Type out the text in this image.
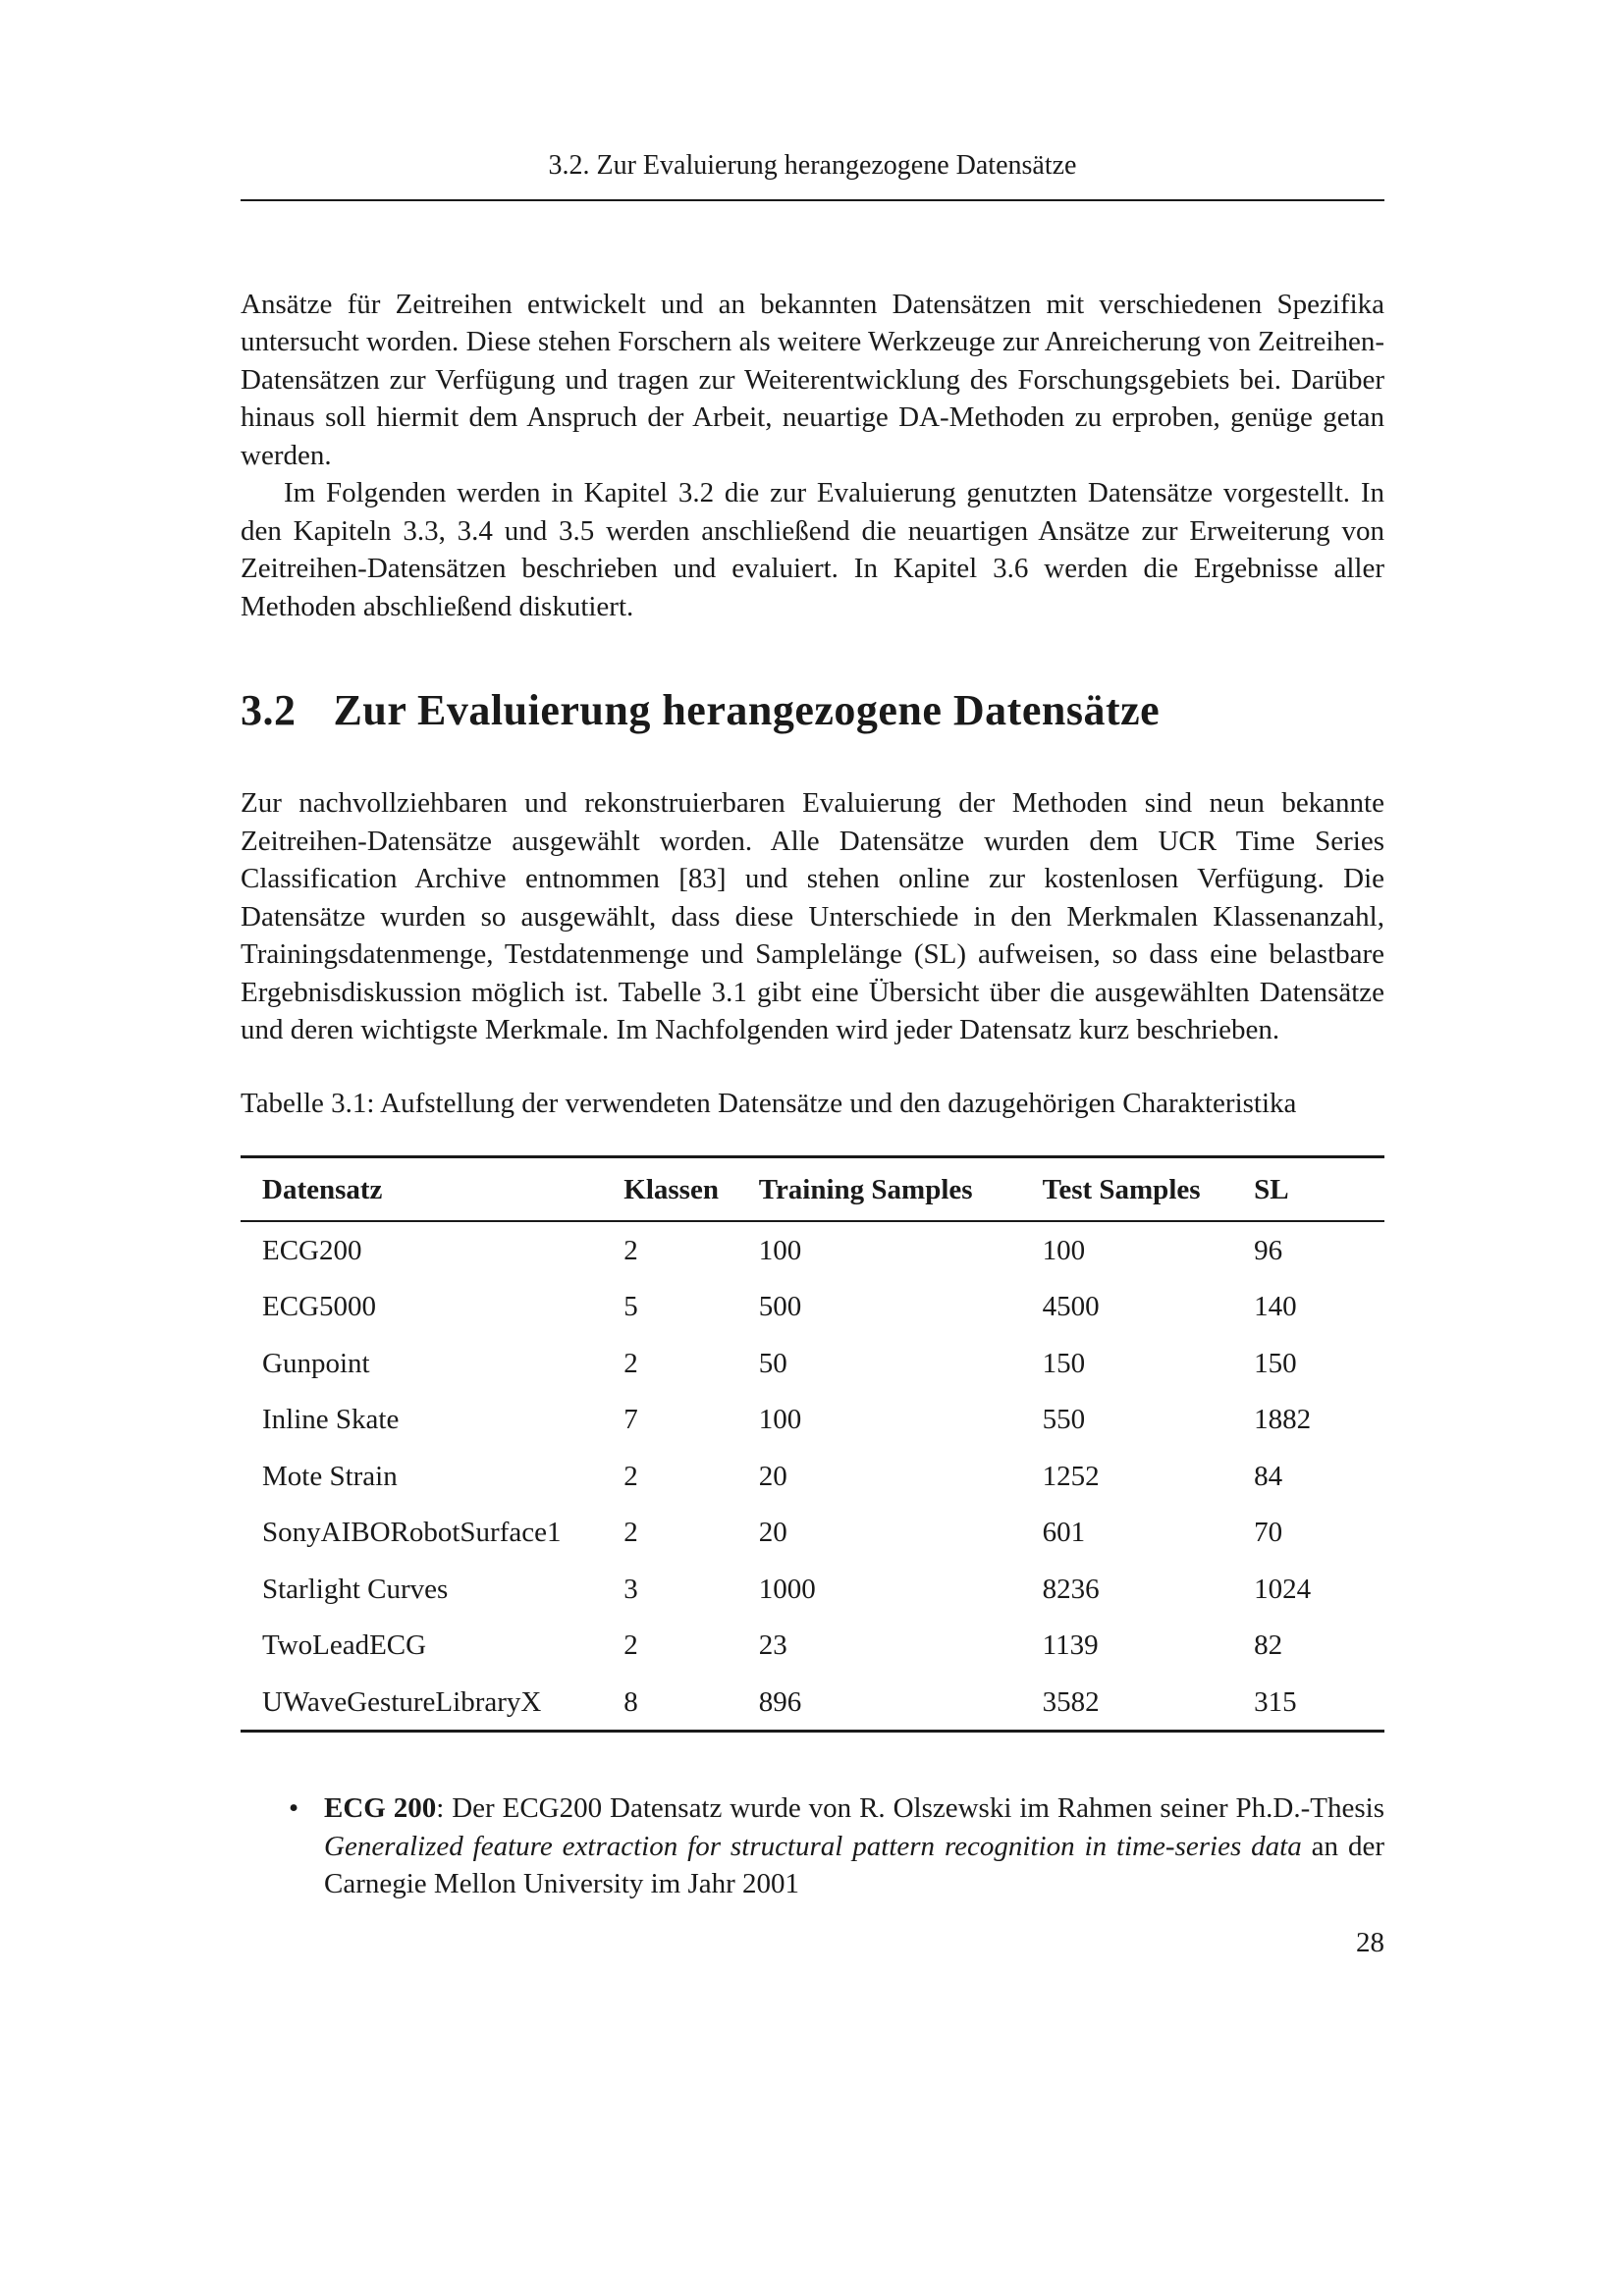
3.2. Zur Evaluierung herangezogene Datensätze

Ansätze für Zeitreihen entwickelt und an bekannten Datensätzen mit verschiedenen Spezifika untersucht worden. Diese stehen Forschern als weitere Werkzeuge zur Anreicherung von Zeitreihen-Datensätzen zur Verfügung und tragen zur Weiterentwicklung des Forschungsgebiets bei. Darüber hinaus soll hiermit dem Anspruch der Arbeit, neuartige DA-Methoden zu erproben, genüge getan werden.

Im Folgenden werden in Kapitel 3.2 die zur Evaluierung genutzten Datensätze vorgestellt. In den Kapiteln 3.3, 3.4 und 3.5 werden anschließend die neuartigen Ansätze zur Erweiterung von Zeitreihen-Datensätzen beschrieben und evaluiert. In Kapitel 3.6 werden die Ergebnisse aller Methoden abschließend diskutiert.

3.2 Zur Evaluierung herangezogene Datensätze

Zur nachvollziehbaren und rekonstruierbaren Evaluierung der Methoden sind neun bekannte Zeitreihen-Datensätze ausgewählt worden. Alle Datensätze wurden dem UCR Time Series Classification Archive entnommen [83] und stehen online zur kostenlosen Verfügung. Die Datensätze wurden so ausgewählt, dass diese Unterschiede in den Merkmalen Klassenanzahl, Trainingsdatenmenge, Testdatenmenge und Samplelänge (SL) aufweisen, so dass eine belastbare Ergebnisdiskussion möglich ist. Tabelle 3.1 gibt eine Übersicht über die ausgewählten Datensätze und deren wichtigste Merkmale. Im Nachfolgenden wird jeder Datensatz kurz beschrieben.

Tabelle 3.1: Aufstellung der verwendeten Datensätze und den dazugehörigen Charakteristika

Datensatz	Klassen	Training Samples	Test Samples	SL
ECG200	2	100	100	96
ECG5000	5	500	4500	140
Gunpoint	2	50	150	150
Inline Skate	7	100	550	1882
Mote Strain	2	20	1252	84
SonyAIBORobotSurface1	2	20	601	70
Starlight Curves	3	1000	8236	1024
TwoLeadECG	2	23	1139	82
UWaveGestureLibraryX	8	896	3582	315
• ECG 200: Der ECG200 Datensatz wurde von R. Olszewski im Rahmen seiner Ph.D.-Thesis Generalized feature extraction for structural pattern recognition in time-series data an der Carnegie Mellon University im Jahr 2001
28
